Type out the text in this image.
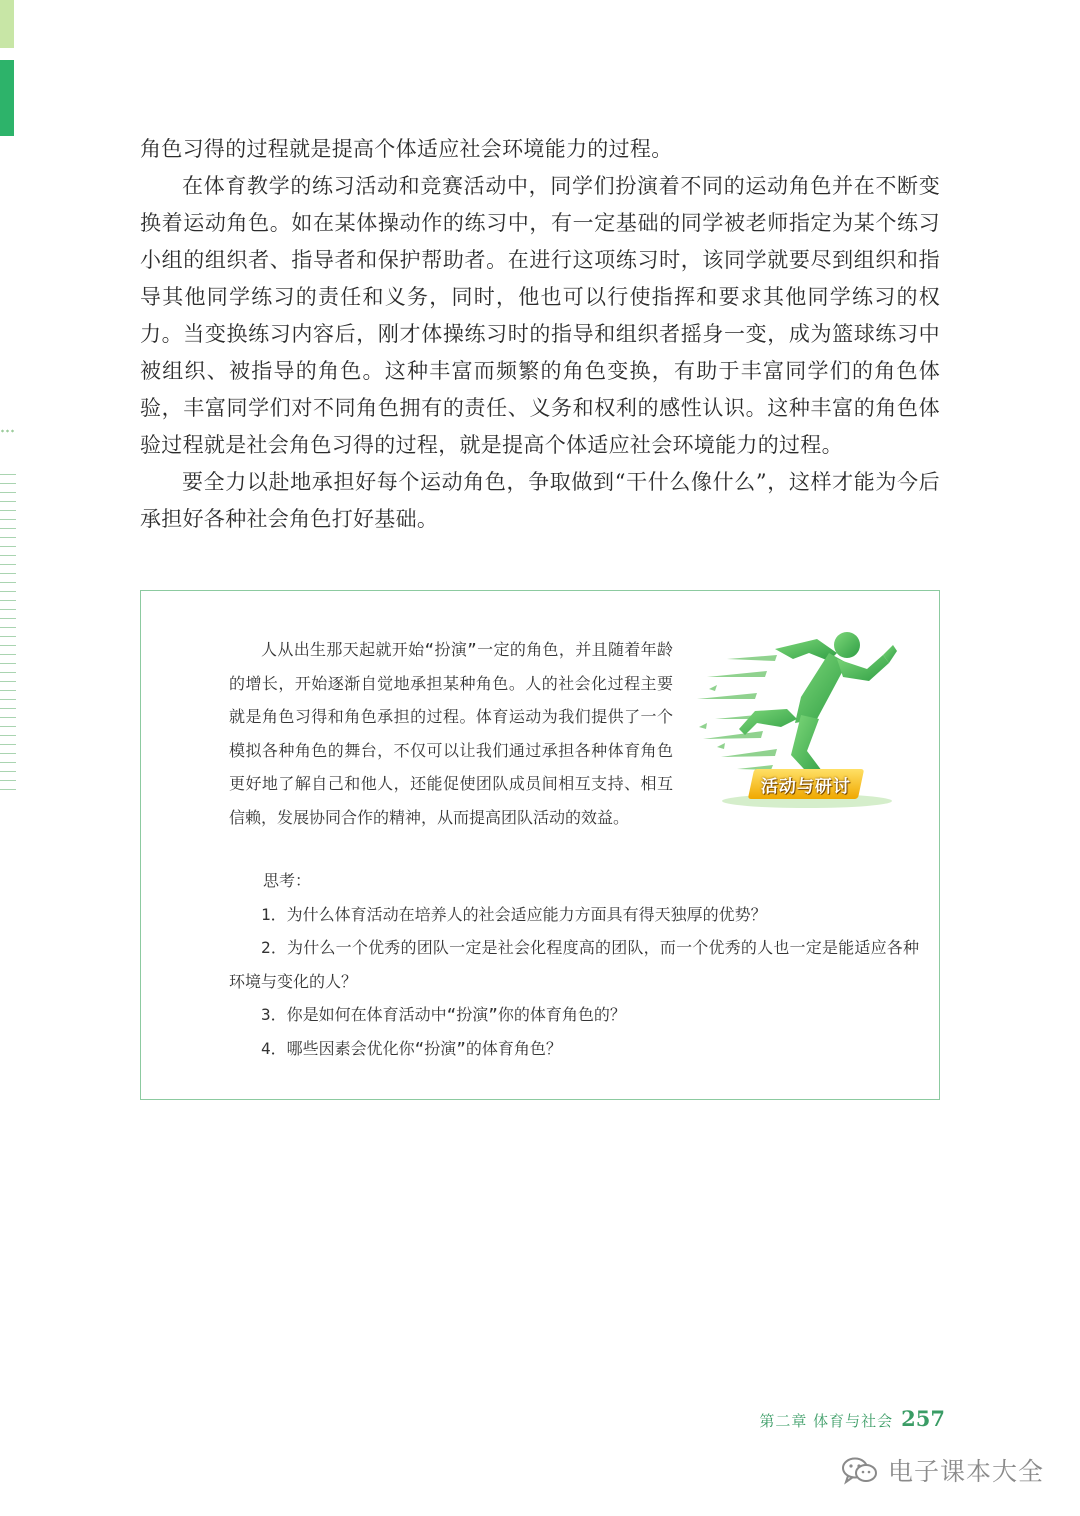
角色习得的过程就是提高个体适应社会环境能力的过程。

在体育教学的练习活动和竞赛活动中，同学们扮演着不同的运动角色并在不断变换着运动角色。如在某体操动作的练习中，有一定基础的同学被老师指定为某个练习小组的组织者、指导者和保护帮助者。在进行这项练习时，该同学就要尽到组织和指导其他同学练习的责任和义务，同时，他也可以行使指挥和要求其他同学练习的权力。当变换练习内容后，刚才体操练习时的指导和组织者摇身一变，成为篮球练习中被组织、被指导的角色。这种丰富而频繁的角色变换，有助于丰富同学们的角色体验，丰富同学们对不同角色拥有的责任、义务和权利的感性认识。这种丰富的角色体验过程就是社会角色习得的过程，就是提高个体适应社会环境能力的过程。

要全力以赴地承担好每个运动角色，争取做到“干什么像什么”，这样才能为今后承担好各种社会角色打好基础。

人从出生那天起就开始“扮演”一定的角色，并且随着年龄的增长，开始逐渐自觉地承担某种角色。人的社会化过程主要就是角色习得和角色承担的过程。体育运动为我们提供了一个模拟各种角色的舞台，不仅可以让我们通过承担各种体育角色更好地了解自己和他人，还能促使团队成员间相互支持、相互信赖，发展协同合作的精神，从而提高团队活动的效益。

活动与研讨

思考：

1．为什么体育活动在培养人的社会适应能力方面具有得天独厚的优势？

2．为什么一个优秀的团队一定是社会化程度高的团队，而一个优秀的人也一定是能适应各种环境与变化的人？

3．你是如何在体育活动中“扮演”你的体育角色的？

4．哪些因素会优化你“扮演”的体育角色？

第二章 体育与社会 257
电子课本大全
